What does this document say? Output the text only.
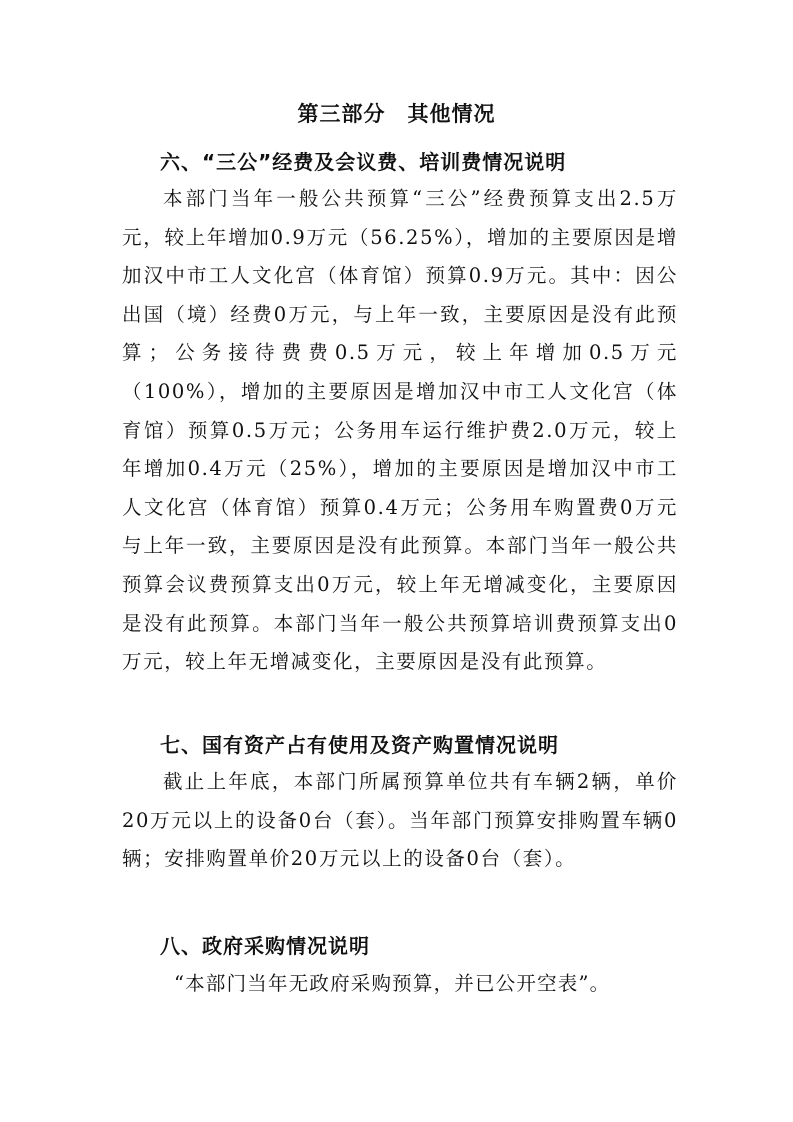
第三部分　其他情况
六、“三公”经费及会议费、培训费情况说明

本部门当年一般公共预算“三公”经费预算支出2.5万元，较上年增加0.9万元（56.25%），增加的主要原因是增加汉中市工人文化宫（体育馆）预算0.9万元。其中：因公出国（境）经费0万元，与上年一致，主要原因是没有此预算；公务接待费费0.5万元，较上年增加0.5万元（100%），增加的主要原因是增加汉中市工人文化宫（体育馆）预算0.5万元；公务用车运行维护费2.0万元，较上年增加0.4万元（25%），增加的主要原因是增加汉中市工人文化宫（体育馆）预算0.4万元；公务用车购置费0万元与上年一致，主要原因是没有此预算。本部门当年一般公共预算会议费预算支出0万元，较上年无增减变化，主要原因是没有此预算。本部门当年一般公共预算培训费预算支出0万元，较上年无增减变化，主要原因是没有此预算。

七、国有资产占有使用及资产购置情况说明

截止上年底，本部门所属预算单位共有车辆2辆，单价20万元以上的设备0台（套）。当年部门预算安排购置车辆0辆；安排购置单价20万元以上的设备0台（套）。

八、政府采购情况说明

“本部门当年无政府采购预算，并已公开空表”。
